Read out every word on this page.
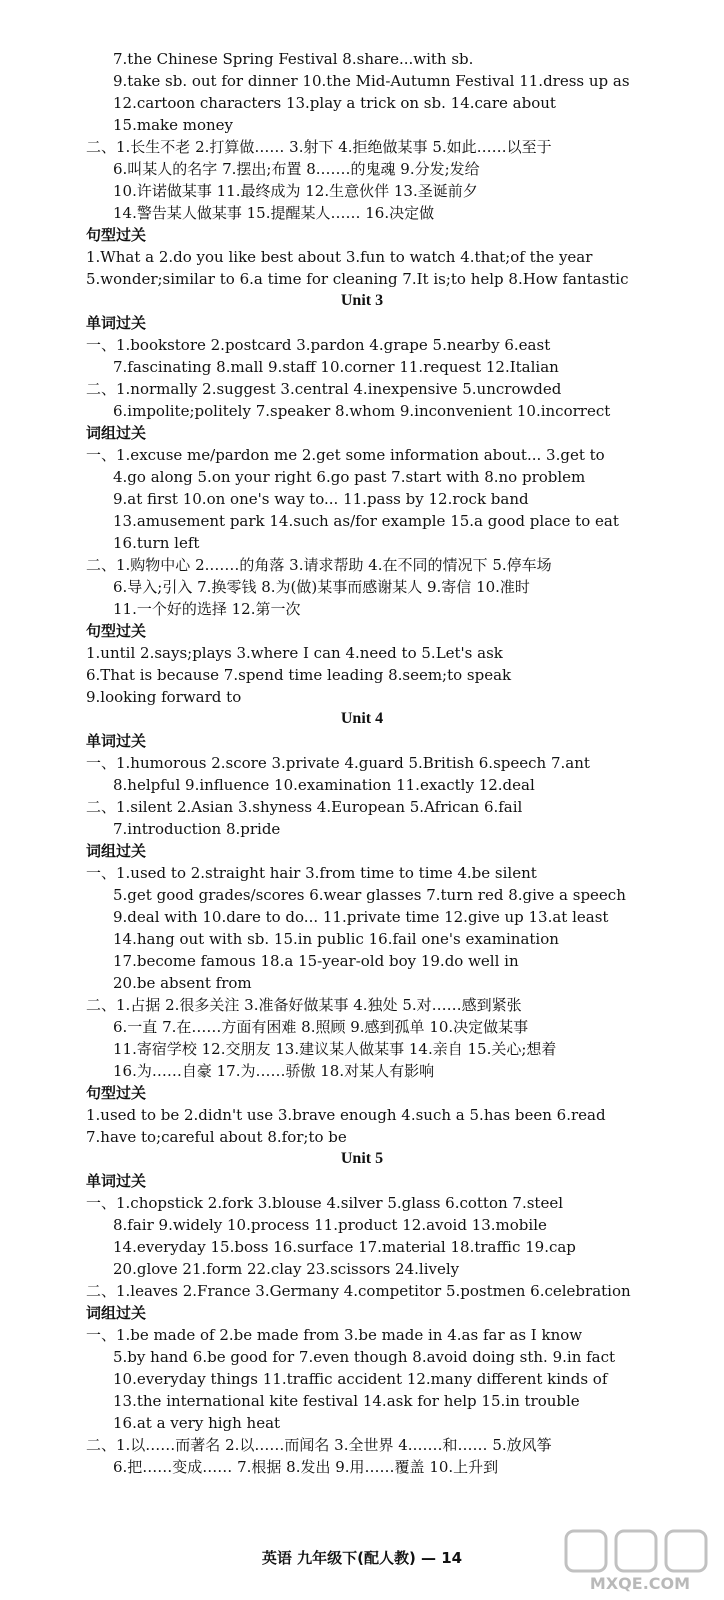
7.the Chinese Spring Festival 8.share...with sb.
9.take sb. out for dinner 10.the Mid-Autumn Festival 11.dress up as
12.cartoon characters 13.play a trick on sb. 14.care about
15.make money
二、1.长生不老 2.打算做…… 3.射下 4.拒绝做某事 5.如此……以至于
6.叫某人的名字 7.摆出;布置 8.……的鬼魂 9.分发;发给
10.许诺做某事 11.最终成为 12.生意伙伴 13.圣诞前夕
14.警告某人做某事 15.提醒某人…… 16.决定做
句型过关
1.What a 2.do you like best about 3.fun to watch 4.that;of the year
5.wonder;similar to 6.a time for cleaning 7.It is;to help 8.How fantastic
Unit 3
单词过关
一、1.bookstore 2.postcard 3.pardon 4.grape 5.nearby 6.east
7.fascinating 8.mall 9.staff 10.corner 11.request 12.Italian
二、1.normally 2.suggest 3.central 4.inexpensive 5.uncrowded
6.impolite;politely 7.speaker 8.whom 9.inconvenient 10.incorrect
词组过关
一、1.excuse me/pardon me 2.get some information about... 3.get to
4.go along 5.on your right 6.go past 7.start with 8.no problem
9.at first 10.on one's way to... 11.pass by 12.rock band
13.amusement park 14.such as/for example 15.a good place to eat
16.turn left
二、1.购物中心 2.……的角落 3.请求帮助 4.在不同的情况下 5.停车场
6.导入;引入 7.换零钱 8.为(做)某事而感谢某人 9.寄信 10.准时
11.一个好的选择 12.第一次
句型过关
1.until 2.says;plays 3.where I can 4.need to 5.Let's ask
6.That is because 7.spend time leading 8.seem;to speak
9.looking forward to
Unit 4
单词过关
一、1.humorous 2.score 3.private 4.guard 5.British 6.speech 7.ant
8.helpful 9.influence 10.examination 11.exactly 12.deal
二、1.silent 2.Asian 3.shyness 4.European 5.African 6.fail
7.introduction 8.pride
词组过关
一、1.used to 2.straight hair 3.from time to time 4.be silent
5.get good grades/scores 6.wear glasses 7.turn red 8.give a speech
9.deal with 10.dare to do... 11.private time 12.give up 13.at least
14.hang out with sb. 15.in public 16.fail one's examination
17.become famous 18.a 15-year-old boy 19.do well in
20.be absent from
二、1.占据 2.很多关注 3.准备好做某事 4.独处 5.对……感到紧张
6.一直 7.在……方面有困难 8.照顾 9.感到孤单 10.决定做某事
11.寄宿学校 12.交朋友 13.建议某人做某事 14.亲自 15.关心;想着
16.为……自豪 17.为……骄傲 18.对某人有影响
句型过关
1.used to be 2.didn't use 3.brave enough 4.such a 5.has been 6.read
7.have to;careful about 8.for;to be
Unit 5
单词过关
一、1.chopstick 2.fork 3.blouse 4.silver 5.glass 6.cotton 7.steel
8.fair 9.widely 10.process 11.product 12.avoid 13.mobile
14.everyday 15.boss 16.surface 17.material 18.traffic 19.cap
20.glove 21.form 22.clay 23.scissors 24.lively
二、1.leaves 2.France 3.Germany 4.competitor 5.postmen 6.celebration
词组过关
一、1.be made of 2.be made from 3.be made in 4.as far as I know
5.by hand 6.be good for 7.even though 8.avoid doing sth. 9.in fact
10.everyday things 11.traffic accident 12.many different kinds of
13.the international kite festival 14.ask for help 15.in trouble
16.at a very high heat
二、1.以……而著名 2.以……而闻名 3.全世界 4.……和…… 5.放风筝
6.把……变成…… 7.根据 8.发出 9.用……覆盖 10.上升到
英语 九年级下(配人教) — 14
MXQE.COM
